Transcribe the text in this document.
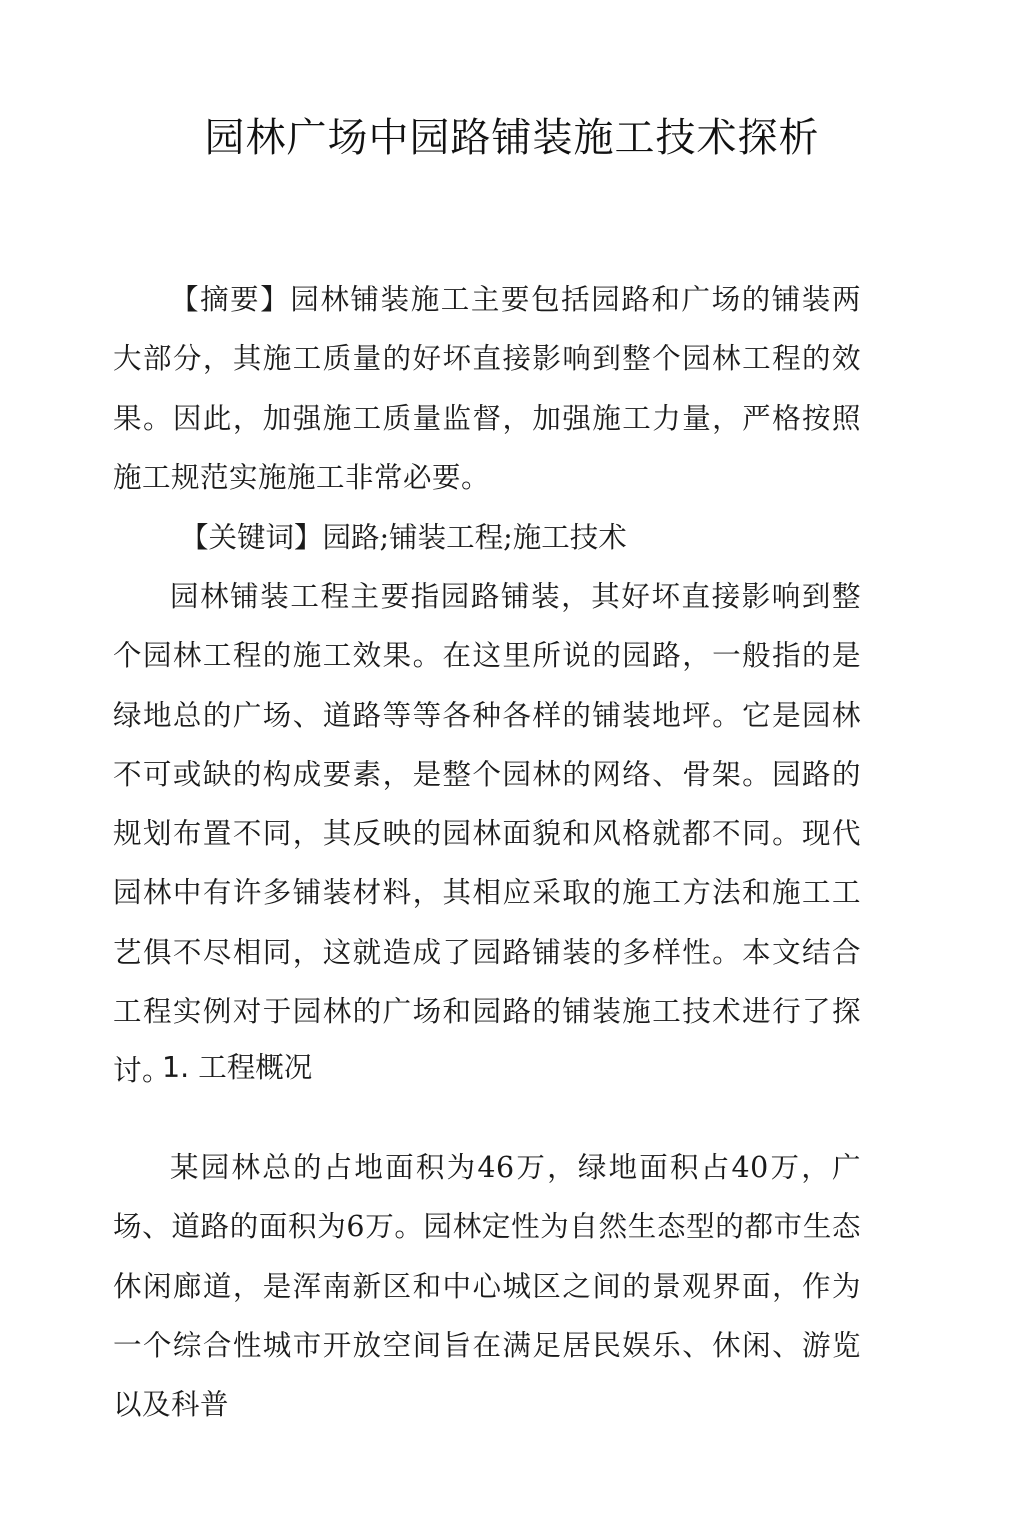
园林广场中园路铺装施工技术探析

【摘要】园林铺装施工主要包括园路和广场的铺装两大部分，其施工质量的好坏直接影响到整个园林工程的效果。因此，加强施工质量监督，加强施工力量，严格按照施工规范实施施工非常必要。

【关键词】园路;铺装工程;施工技术

园林铺装工程主要指园路铺装，其好坏直接影响到整个园林工程的施工效果。在这里所说的园路，一般指的是绿地总的广场、道路等等各种各样的铺装地坪。它是园林不可或缺的构成要素，是整个园林的网络、骨架。园路的规划布置不同，其反映的园林面貌和风格就都不同。现代园林中有许多铺装材料，其相应采取的施工方法和施工工艺俱不尽相同，这就造成了园路铺装的多样性。本文结合工程实例对于园林的广场和园路的铺装施工技术进行了探讨。

1. 工程概况

某园林总的占地面积为46万，绿地面积占40万，广场、道路的面积为6万。园林定性为自然生态型的都市生态休闲廊道，是浑南新区和中心城区之间的景观界面，作为一个综合性城市开放空间旨在满足居民娱乐、休闲、游览以及科普
